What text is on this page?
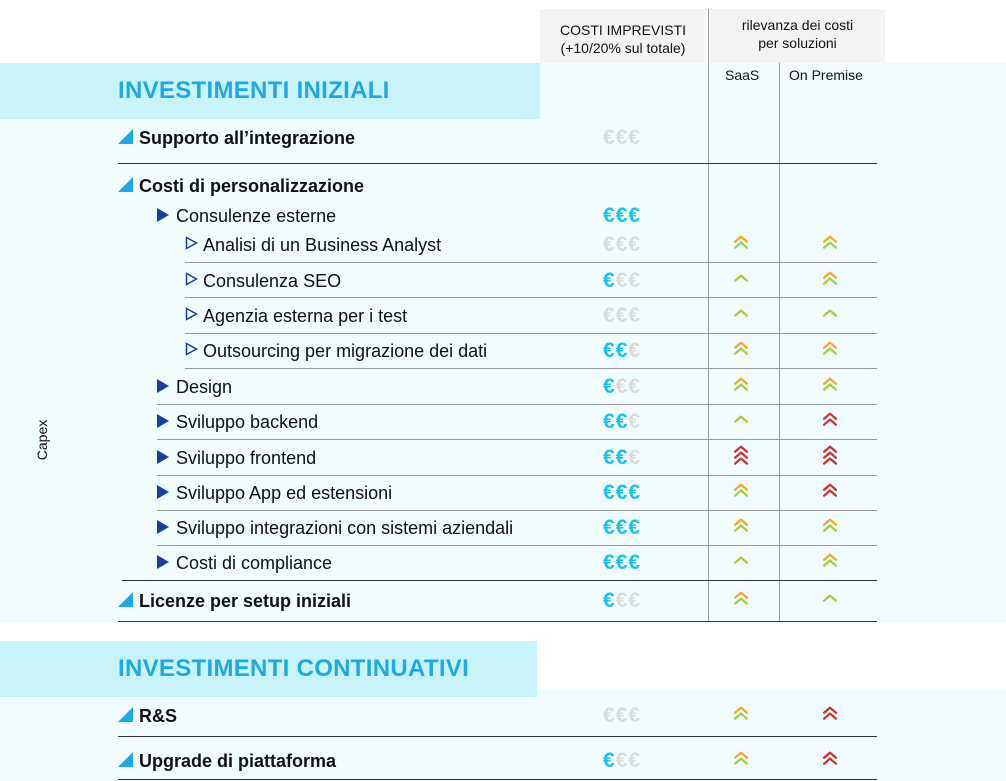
COSTI IMPREVISTI
(+10/20% sul totale)
rilevanza dei costi
per soluzioni
INVESTIMENTI INIZIALI
INVESTIMENTI CONTINUATIVI
SaaS On Premise
Capex
Supporto all’integrazione	€€€
Costi di personalizzazione
Consulenze esterne	€€€
Analisi di un Business Analyst	€€€
Consulenza SEO	€€€
Agenzia esterna per i test	€€€
Outsourcing per migrazione dei dati	€€€
Design	€€€
Sviluppo backend	€€€
Sviluppo frontend	€€€
Sviluppo App ed estensioni	€€€
Sviluppo integrazioni con sistemi aziendali	€€€
Costi di compliance	€€€
Licenze per setup iniziali	€€€
R&S	€€€
Upgrade di piattaforma	€€€
